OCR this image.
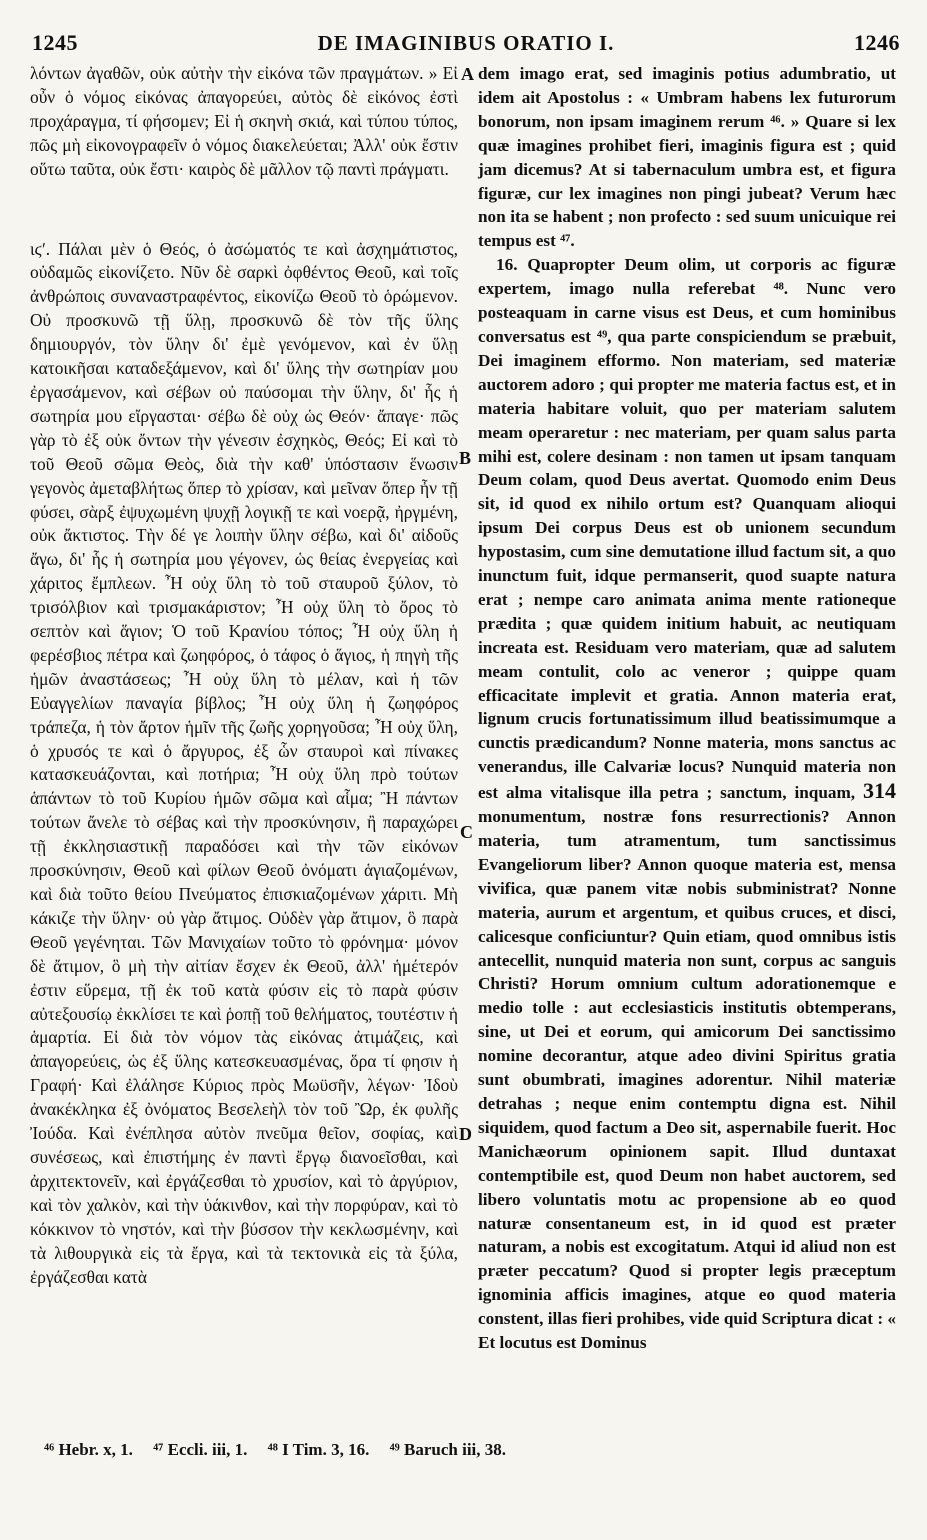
1245	DE IMAGINIBUS ORATIO I.	1246

λόντων ἀγαθῶν, οὐκ αὐτὴν τὴν εἰκόνα τῶν πραγμάτων. » Εἰ οὖν ὁ νόμος εἰκόνας ἀπαγορεύει, αὐτὸς δὲ εἰκόνος ἐστὶ προχάραγμα, τί φήσομεν; Εἰ ἡ σκηνὴ σκιά, καὶ τύπου τύπος, πῶς μὴ εἰκονογραφεῖν ὁ νόμος διακελεύεται; Ἀλλ' οὐκ ἔστιν οὕτω ταῦτα, οὐκ ἔστι· καιρὸς δὲ μᾶλλον τῷ παντὶ πράγματι.

ιϛʹ. Πάλαι μὲν ὁ Θεός, ὁ ἀσώματός τε καὶ ἀσχημάτιστος, οὐδαμῶς εἰκονίζετο. Νῦν δὲ σαρκὶ ὀφθέντος Θεοῦ, καὶ τοῖς ἀνθρώποις συναναστραφέντος, εἰκονίζω Θεοῦ τὸ ὁρώμενον. Οὐ προσκυνῶ τῇ ὕλῃ, προσκυνῶ δὲ τὸν τῆς ὕλης δημιουργόν, τὸν ὕλην δι' ἐμὲ γενόμενον, καὶ ἐν ὕλῃ κατοικῆσαι καταδεξάμενον, καὶ δι' ὕλης τὴν σωτηρίαν μου ἐργασάμενον, καὶ σέβων οὐ παύσομαι τὴν ὕλην, δι' ἧς ἡ σωτηρία μου εἴργασται· σέβω δὲ οὐχ ὡς Θεόν· ἄπαγε· πῶς γὰρ τὸ ἐξ οὐκ ὄντων τὴν γένεσιν ἐσχηκὸς, Θεός; Εἰ καὶ τὸ τοῦ Θεοῦ σῶμα Θεὸς, διὰ τὴν καθ' ὑπόστασιν ἕνωσιν γεγονὸς ἀμεταβλήτως ὅπερ τὸ χρίσαν, καὶ μεῖναν ὅπερ ἦν τῇ φύσει, σὰρξ ἐψυχωμένη ψυχῇ λογικῇ τε καὶ νοερᾷ, ἠργμένη, οὐκ ἄκτιστος. Τὴν δέ γε λοιπὴν ὕλην σέβω, καὶ δι' αἰδοῦς ἄγω, δι' ἧς ἡ σωτηρία μου γέγονεν, ὡς θείας ἐνεργείας καὶ χάριτος ἔμπλεων. Ἦ οὐχ ὕλη τὸ τοῦ σταυροῦ ξύλον, τὸ τρισόλβιον καὶ τρισμακάριστον; Ἦ οὐχ ὕλη τὸ ὄρος τὸ σεπτὸν καὶ ἅγιον; Ὁ τοῦ Κρανίου τόπος; Ἦ οὐχ ὕλη ἡ φερέσβιος πέτρα καὶ ζωηφόρος, ὁ τάφος ὁ ἅγιος, ἡ πηγὴ τῆς ἡμῶν ἀναστάσεως; Ἦ οὐχ ὕλη τὸ μέλαν, καὶ ἡ τῶν Εὐαγγελίων παναγία βίβλος; Ἦ οὐχ ὕλη ἡ ζωηφόρος τράπεζα, ἡ τὸν ἄρτον ἡμῖν τῆς ζωῆς χορηγοῦσα; Ἦ οὐχ ὕλη, ὁ χρυσός τε καὶ ὁ ἄργυρος, ἐξ ὧν σταυροὶ καὶ πίνακες κατασκευάζονται, καὶ ποτήρια; Ἦ οὐχ ὕλη πρὸ τούτων ἁπάντων τὸ τοῦ Κυρίου ἡμῶν σῶμα καὶ αἷμα; Ἢ πάντων τούτων ἄνελε τὸ σέβας καὶ τὴν προσκύνησιν, ἢ παραχώρει τῇ ἐκκλησιαστικῇ παραδόσει καὶ τὴν τῶν εἰκόνων προσκύνησιν, Θεοῦ καὶ φίλων Θεοῦ ὀνόματι ἁγιαζομένων, καὶ διὰ τοῦτο θείου Πνεύματος ἐπισκιαζομένων χάριτι. Μὴ κάκιζε τὴν ὕλην· οὐ γὰρ ἄτιμος. Οὐδὲν γὰρ ἄτιμον, ὃ παρὰ Θεοῦ γεγένηται. Τῶν Μανιχαίων τοῦτο τὸ φρόνημα· μόνον δὲ ἄτιμον, ὃ μὴ τὴν αἰτίαν ἔσχεν ἐκ Θεοῦ, ἀλλ' ἡμέτερόν ἐστιν εὕρεμα, τῇ ἐκ τοῦ κατὰ φύσιν εἰς τὸ παρὰ φύσιν αὐτεξουσίῳ ἐκκλίσει τε καὶ ῥοπῇ τοῦ θελήματος, τουτέστιν ἡ ἁμαρτία. Εἰ διὰ τὸν νόμον τὰς εἰκόνας ἀτιμάζεις, καὶ ἀπαγορεύεις, ὡς ἐξ ὕλης κατεσκευασμένας, ὅρα τί φησιν ἡ Γραφή· Καὶ ἐλάλησε Κύριος πρὸς Μωϋσῆν, λέγων· Ἰδοὺ ἀνακέκληκα ἐξ ὀνόματος Βεσελεὴλ τὸν τοῦ Ὢρ, ἐκ φυλῆς Ἰούδα. Καὶ ἐνέπλησα αὐτὸν πνεῦμα θεῖον, σοφίας, καὶ συνέσεως, καὶ ἐπιστήμης ἐν παντὶ ἔργῳ διανοεῖσθαι, καὶ ἀρχιτεκτονεῖν, καὶ ἐργάζεσθαι τὸ χρυσίον, καὶ τὸ ἀργύριον, καὶ τὸν χαλκὸν, καὶ τὴν ὑάκινθον, καὶ τὴν πορφύραν, καὶ τὸ κόκκινον τὸ νηστόν, καὶ τὴν βύσσον τὴν κεκλωσμένην, καὶ τὰ λιθουργικὰ εἰς τὰ ἔργα, καὶ τὰ τεκτονικὰ εἰς τὰ ξύλα, ἐργάζεσθαι κατὰ

dem imago erat, sed imaginis potius adumbratio, ut idem ait Apostolus : « Umbram habens lex futurorum bonorum, non ipsam imaginem rerum ⁴⁶. » Quare si lex quæ imagines prohibet fieri, imaginis figura est ; quid jam dicemus? At si tabernaculum umbra est, et figura figuræ, cur lex imagines non pingi jubeat? Verum hæc non ita se habent ; non profecto : sed suum unicuique rei tempus est ⁴⁷.

16. Quapropter Deum olim, ut corporis ac figuræ expertem, imago nulla referebat ⁴⁸. Nunc vero posteaquam in carne visus est Deus, et cum hominibus conversatus est ⁴⁹, qua parte conspiciendum se præbuit, Dei imaginem efformo. Non materiam, sed materiæ auctorem adoro ; qui propter me materia factus est, et in materia habitare voluit, quo per materiam salutem meam operaretur : nec materiam, per quam salus parta mihi est, colere desinam : non tamen ut ipsam tanquam Deum colam, quod Deus avertat. Quomodo enim Deus sit, id quod ex nihilo ortum est? Quanquam alioqui ipsum Dei corpus Deus est ob unionem secundum hypostasim, cum sine demutatione illud factum sit, a quo inunctum fuit, idque permanserit, quod suapte natura erat ; nempe caro animata anima mente rationeque prædita ; quæ quidem initium habuit, ac neutiquam increata est. Residuam vero materiam, quæ ad salutem meam contulit, colo ac veneror ; quippe quam efficacitate implevit et gratia. Annon materia erat, lignum crucis fortunatissimum illud beatissimumque a cunctis prædicandum? Nonne materia, mons sanctus ac venerandus, ille Calvariæ locus? Nunquid materia non est alma vitalisque illa petra ; sanctum, inquam, 314 monumentum, nostræ fons resurrectionis? Annon materia, tum atramentum, tum sanctissimus Evangeliorum liber? Annon quoque materia est, mensa vivifica, quæ panem vitæ nobis subministrat? Nonne materia, aurum et argentum, et quibus cruces, et disci, calicesque conficiuntur? Quin etiam, quod omnibus istis antecellit, nunquid materia non sunt, corpus ac sanguis Christi? Horum omnium cultum adorationemque e medio tolle : aut ecclesiasticis institutis obtemperans, sine, ut Dei et eorum, qui amicorum Dei sanctissimo nomine decorantur, atque adeo divini Spiritus gratia sunt obumbrati, imagines adorentur. Nihil materiæ detrahas ; neque enim contemptu digna est. Nihil siquidem, quod factum a Deo sit, aspernabile fuerit. Hoc Manichæorum opinionem sapit. Illud duntaxat contemptibile est, quod Deum non habet auctorem, sed libero voluntatis motu ac propensione ab eo quod naturæ consentaneum est, in id quod est præter naturam, a nobis est excogitatum. Atqui id aliud non est præter peccatum? Quod si propter legis præceptum ignominia afficis imagines, atque eo quod materia constent, illas fieri prohibes, vide quid Scriptura dicat : « Et locutus est Dominus

A
B
C
D
⁴⁶ Hebr. x, 1. ⁴⁷ Eccli. iii, 1. ⁴⁸ I Tim. 3, 16. ⁴⁹ Baruch iii, 38.
